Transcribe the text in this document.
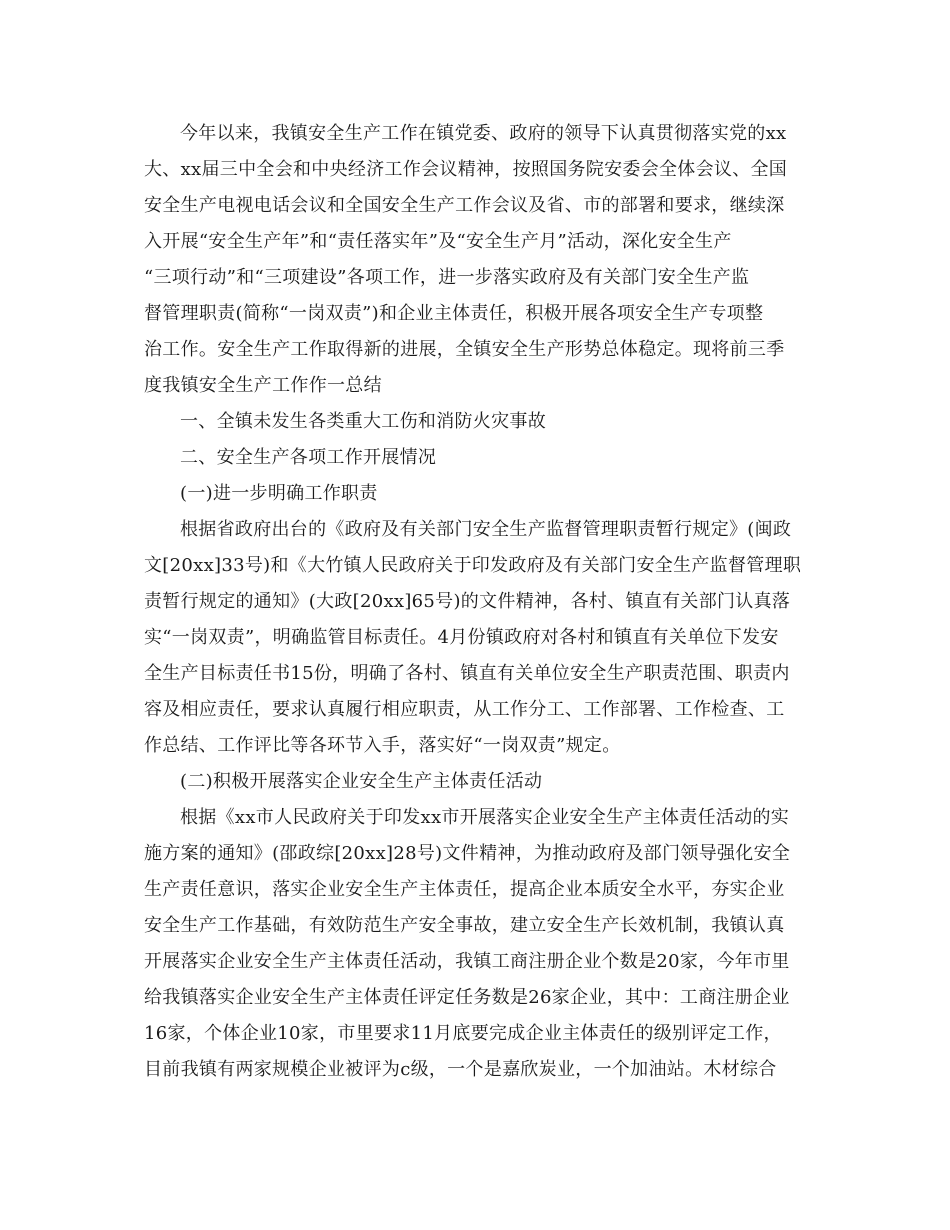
今年以来，我镇安全生产工作在镇党委、政府的领导下认真贯彻落实党的xx
大、xx届三中全会和中央经济工作会议精神，按照国务院安委会全体会议、全国
安全生产电视电话会议和全国安全生产工作会议及省、市的部署和要求，继续深
入开展“安全生产年”和“责任落实年”及“安全生产月”活动，深化安全生产
“三项行动”和“三项建设”各项工作，进一步落实政府及有关部门安全生产监
督管理职责(简称“一岗双责”)和企业主体责任，积极开展各项安全生产专项整
治工作。安全生产工作取得新的进展，全镇安全生产形势总体稳定。现将前三季
度我镇安全生产工作作一总结
一、全镇未发生各类重大工伤和消防火灾事故
二、安全生产各项工作开展情况
(一)进一步明确工作职责
根据省政府出台的《政府及有关部门安全生产监督管理职责暂行规定》(闽政
文[20xx]33号)和《大竹镇人民政府关于印发政府及有关部门安全生产监督管理职
责暂行规定的通知》(大政[20xx]65号)的文件精神，各村、镇直有关部门认真落
实“一岗双责”，明确监管目标责任。4月份镇政府对各村和镇直有关单位下发安
全生产目标责任书15份，明确了各村、镇直有关单位安全生产职责范围、职责内
容及相应责任，要求认真履行相应职责，从工作分工、工作部署、工作检查、工
作总结、工作评比等各环节入手，落实好“一岗双责”规定。
(二)积极开展落实企业安全生产主体责任活动
根据《xx市人民政府关于印发xx市开展落实企业安全生产主体责任活动的实
施方案的通知》(邵政综[20xx]28号)文件精神，为推动政府及部门领导强化安全
生产责任意识，落实企业安全生产主体责任，提高企业本质安全水平，夯实企业
安全生产工作基础，有效防范生产安全事故，建立安全生产长效机制，我镇认真
开展落实企业安全生产主体责任活动，我镇工商注册企业个数是20家，今年市里
给我镇落实企业安全生产主体责任评定任务数是26家企业，其中：工商注册企业
16家，个体企业10家，市里要求11月底要完成企业主体责任的级别评定工作，
目前我镇有两家规模企业被评为c级，一个是嘉欣炭业，一个加油站。木材综合
